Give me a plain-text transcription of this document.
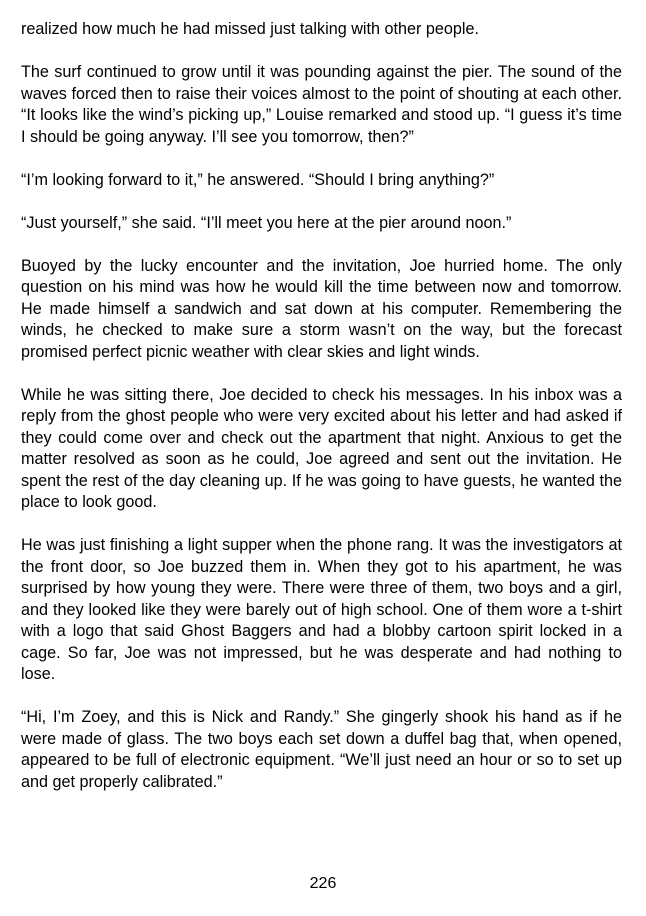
realized how much he had missed just talking with other people.

The surf continued to grow until it was pounding against the pier. The sound of the waves forced then to raise their voices almost to the point of shouting at each other. “It looks like the wind’s picking up,” Louise remarked and stood up. “I guess it’s time I should be going anyway. I’ll see you tomorrow, then?”

“I’m looking forward to it,” he answered. “Should I bring anything?”

“Just yourself,” she said. “I’ll meet you here at the pier around noon.”

Buoyed by the lucky encounter and the invitation, Joe hurried home. The only question on his mind was how he would kill the time between now and tomorrow. He made himself a sandwich and sat down at his computer. Remembering the winds, he checked to make sure a storm wasn’t on the way, but the forecast promised perfect picnic weather with clear skies and light winds.

While he was sitting there, Joe decided to check his messages. In his inbox was a reply from the ghost people who were very excited about his letter and had asked if they could come over and check out the apartment that night. Anxious to get the matter resolved as soon as he could, Joe agreed and sent out the invitation. He spent the rest of the day cleaning up. If he was going to have guests, he wanted the place to look good.

He was just finishing a light supper when the phone rang. It was the investigators at the front door, so Joe buzzed them in. When they got to his apartment, he was surprised by how young they were. There were three of them, two boys and a girl, and they looked like they were barely out of high school. One of them wore a t-shirt with a logo that said Ghost Baggers and had a blobby cartoon spirit locked in a cage. So far, Joe was not impressed, but he was desperate and had nothing to lose.

“Hi, I’m Zoey, and this is Nick and Randy.” She gingerly shook his hand as if he were made of glass. The two boys each set down a duffel bag that, when opened, appeared to be full of electronic equipment. “We’ll just need an hour or so to set up and get properly calibrated.”

226
